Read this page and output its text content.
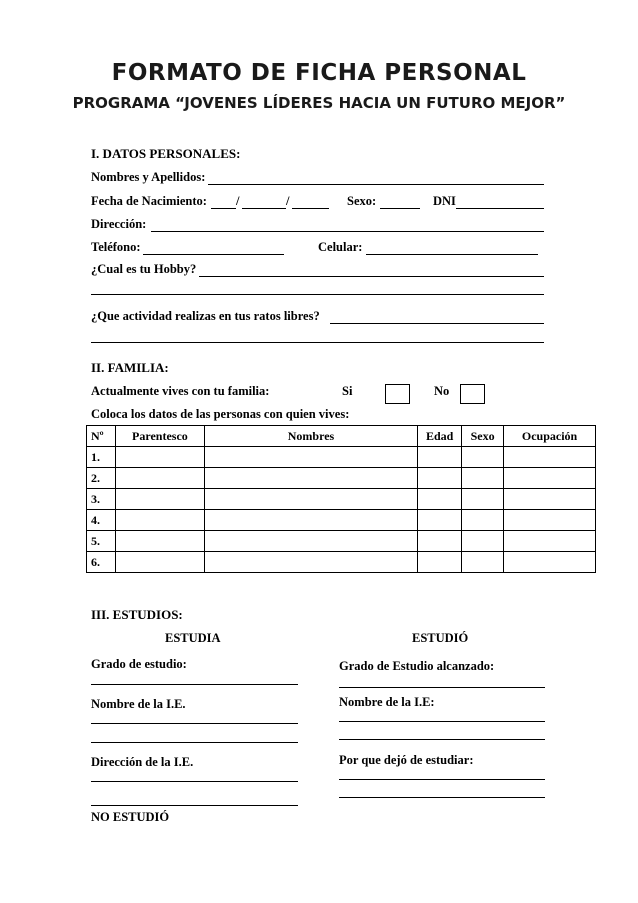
FORMATO DE FICHA PERSONAL
PROGRAMA “JOVENES LÍDERES HACIA UN FUTURO MEJOR”
I. DATOS PERSONALES:
Nombres y Apellidos:
Fecha de Nacimiento: /	/	Sexo:	DNI
Dirección:
Teléfono:	Celular:
¿Cual es tu Hobby?
¿Que actividad realizas en tus ratos libres?
II. FAMILIA:
Actualmente vives con tu familia:	Si	No
Coloca los datos de las personas con quien vives:
Nº	Parentesco	Nombres	Edad	Sexo	Ocupación
1.					
2.					
3.					
4.					
5.					
6.					
III. ESTUDIOS:
ESTUDIA	ESTUDIÓ
Grado de estudio:
Nombre de la I.E.
Dirección de la I.E.
NO ESTUDIÓ
Grado de Estudio alcanzado:
Nombre de la I.E:
Por que dejó de estudiar:
